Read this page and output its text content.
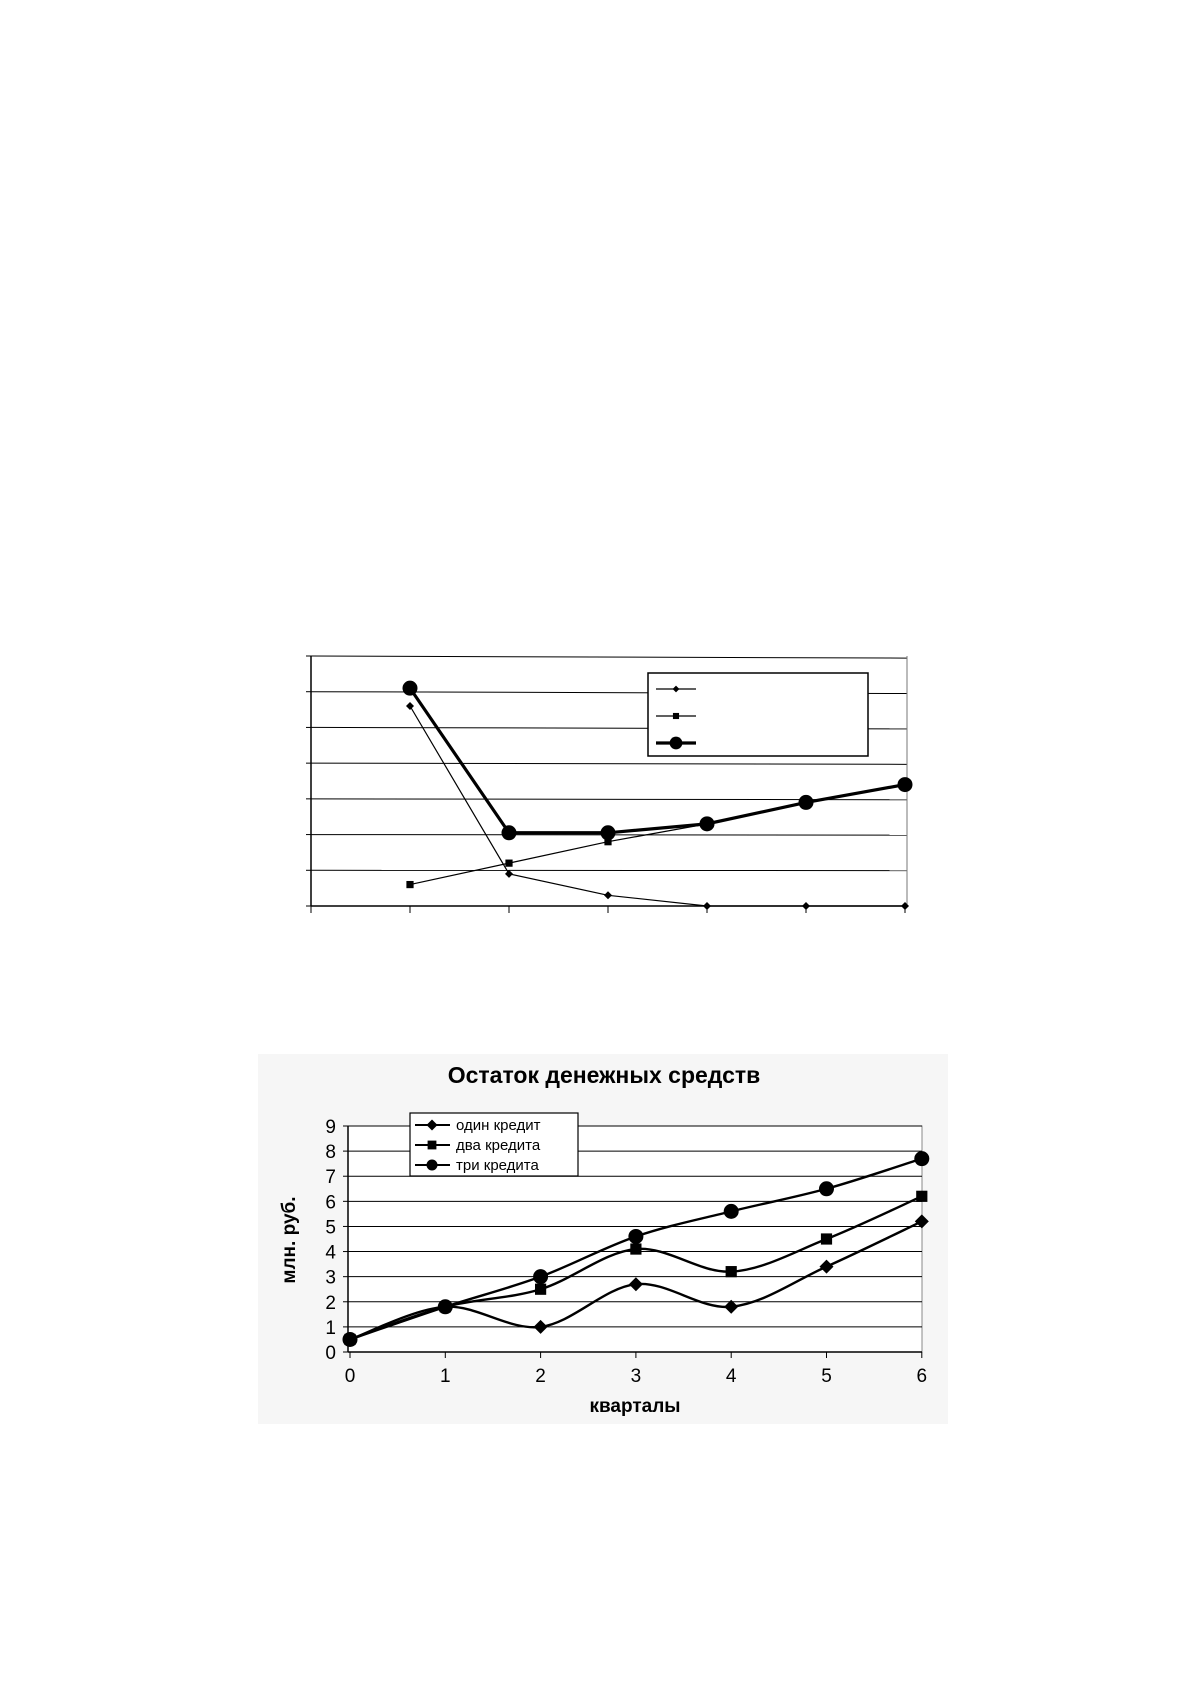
Остаток денежных средств
0
1
2
3
4
5
6
7
8
9
0	1	2	3	4	5	6
один кредит
два кредита
три кредита
кварталы
млн. руб.
